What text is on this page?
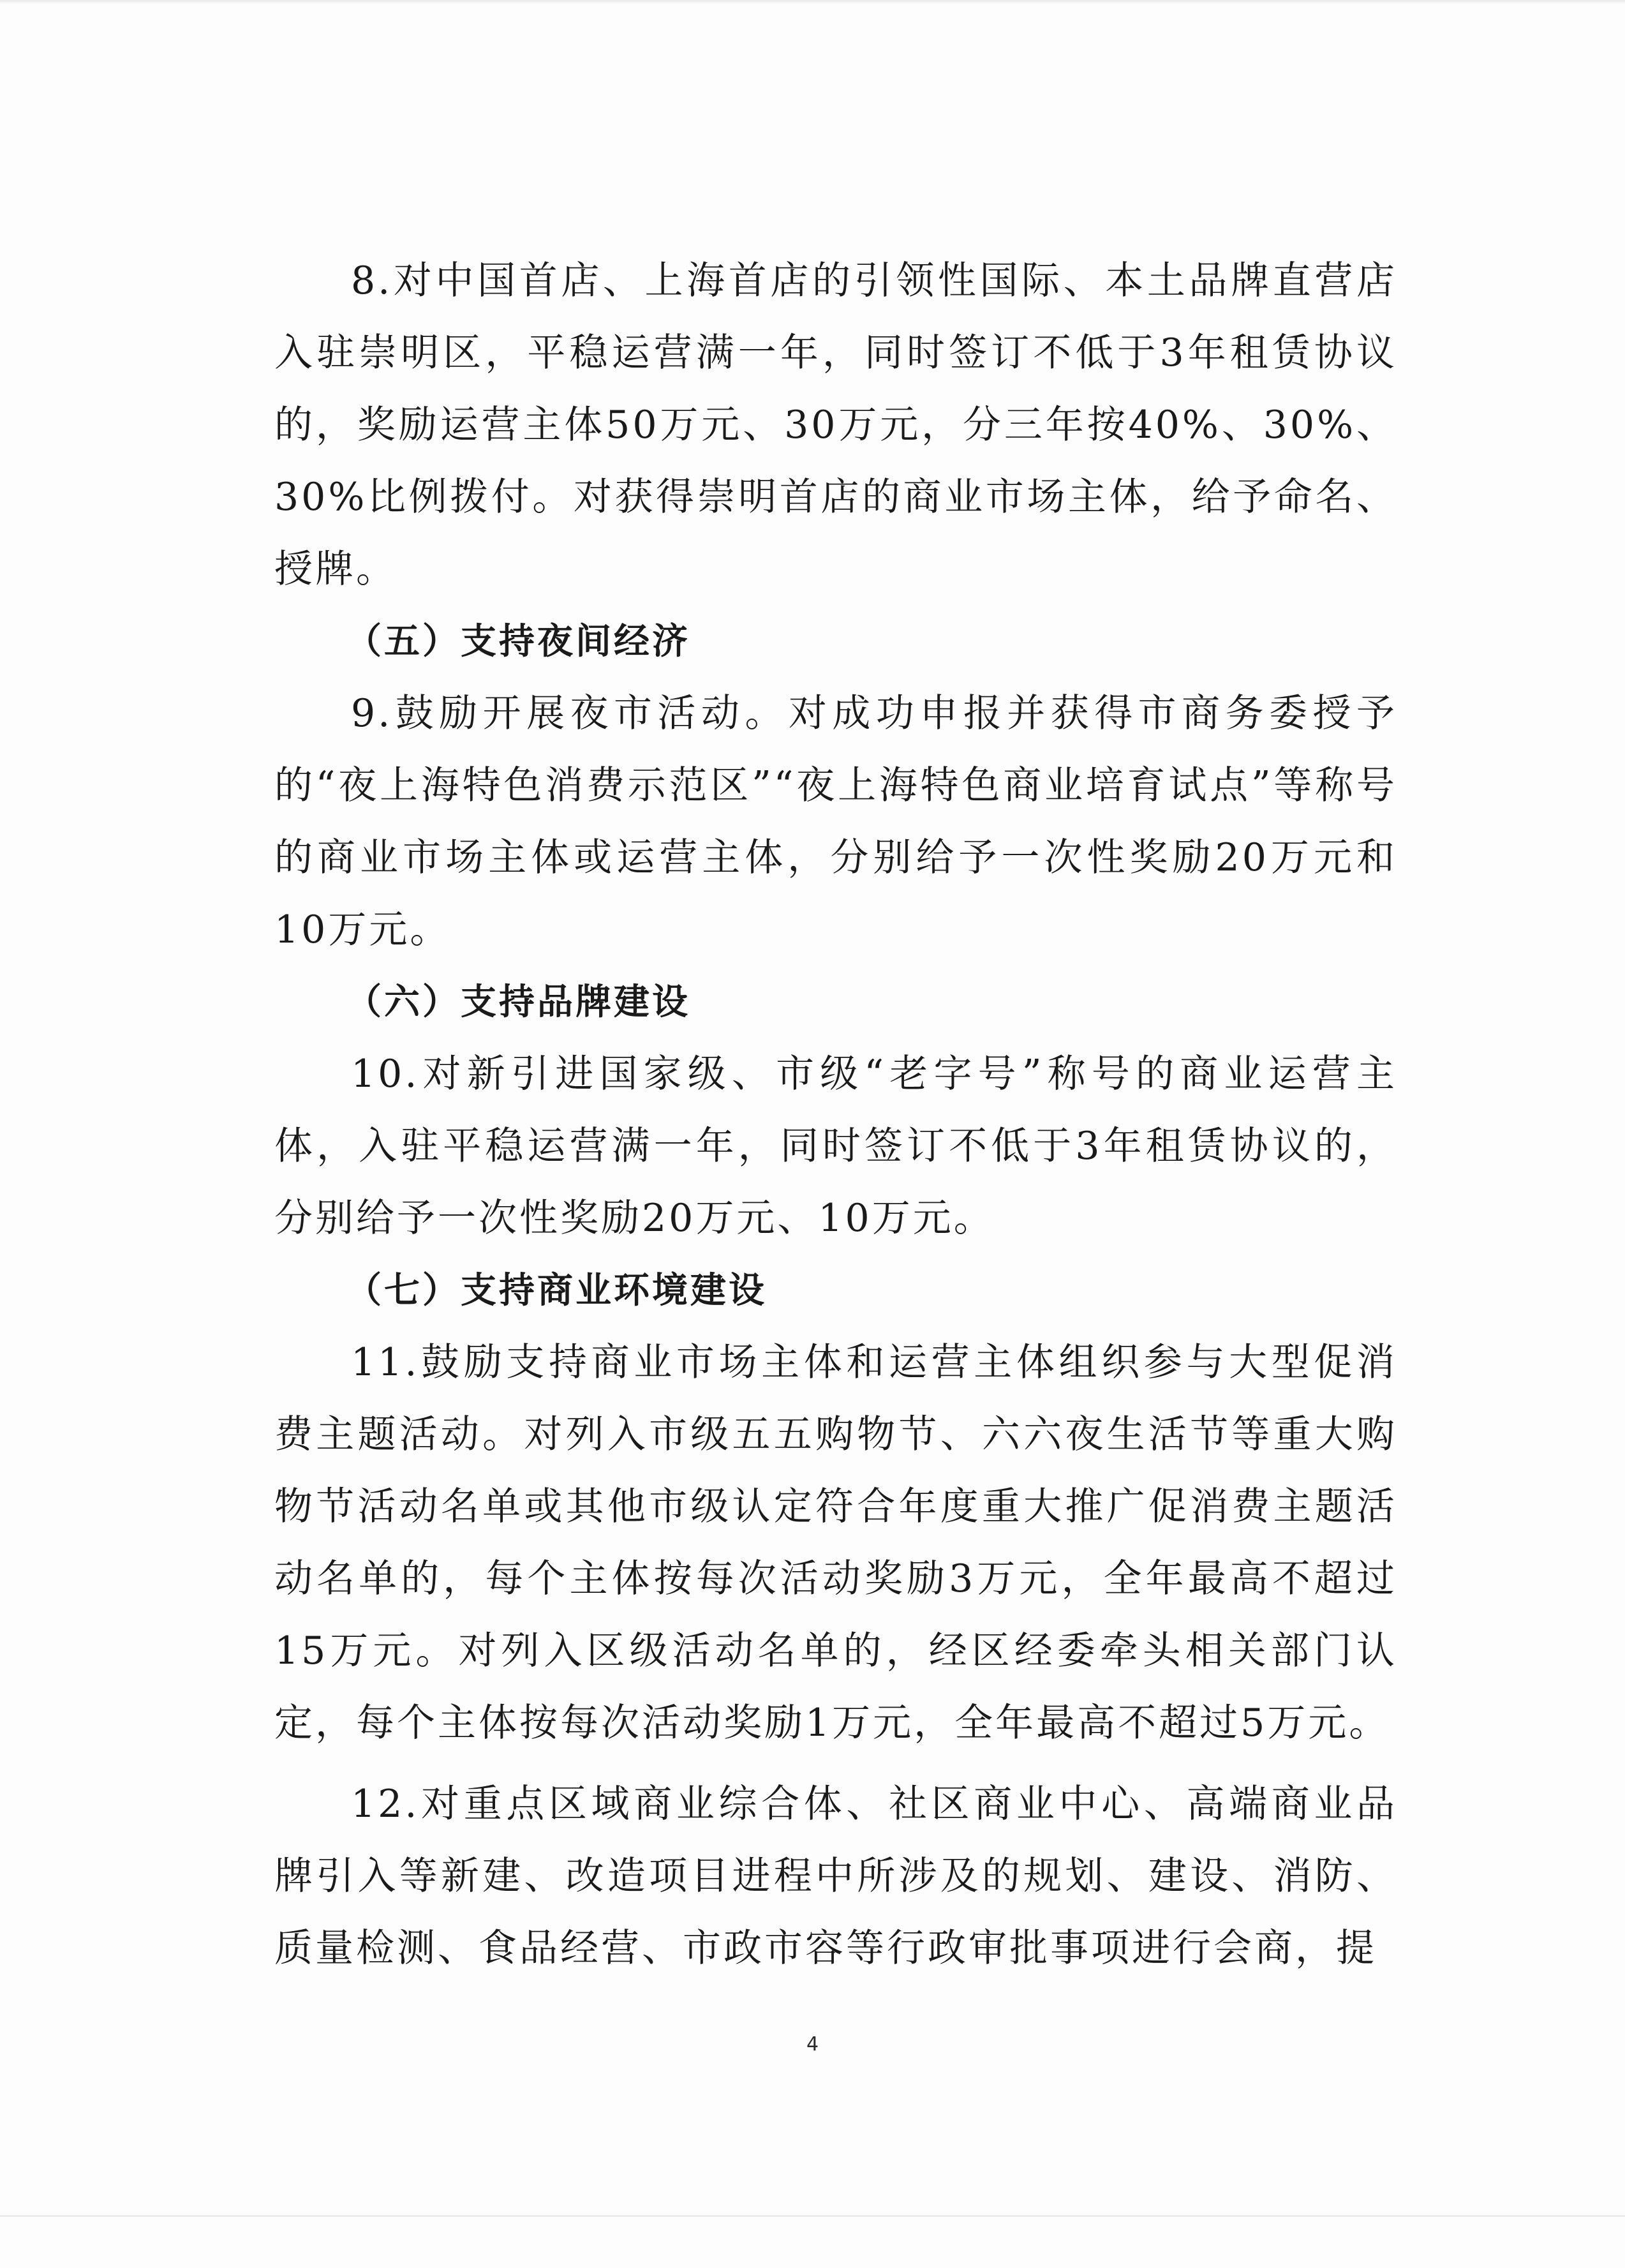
8.对中国首店、上海首店的引领性国际、本土品牌直营店入驻崇明区，平稳运营满一年，同时签订不低于3年租赁协议的，奖励运营主体50万元、30万元，分三年按40%、30%、30%比例拨付。对获得崇明首店的商业市场主体，给予命名、授牌。

（五）支持夜间经济

9.鼓励开展夜市活动。对成功申报并获得市商务委授予的“夜上海特色消费示范区”“夜上海特色商业培育试点”等称号的商业市场主体或运营主体，分别给予一次性奖励20万元和10万元。

（六）支持品牌建设

10.对新引进国家级、市级“老字号”称号的商业运营主体，入驻平稳运营满一年，同时签订不低于3年租赁协议的，分别给予一次性奖励20万元、10万元。

（七）支持商业环境建设

11.鼓励支持商业市场主体和运营主体组织参与大型促消费主题活动。对列入市级五五购物节、六六夜生活节等重大购物节活动名单或其他市级认定符合年度重大推广促消费主题活动名单的，每个主体按每次活动奖励3万元，全年最高不超过15万元。对列入区级活动名单的，经区经委牵头相关部门认定，每个主体按每次活动奖励1万元，全年最高不超过5万元。

12.对重点区域商业综合体、社区商业中心、高端商业品牌引入等新建、改造项目进程中所涉及的规划、建设、消防、质量检测、食品经营、市政市容等行政审批事项进行会商，提

4
